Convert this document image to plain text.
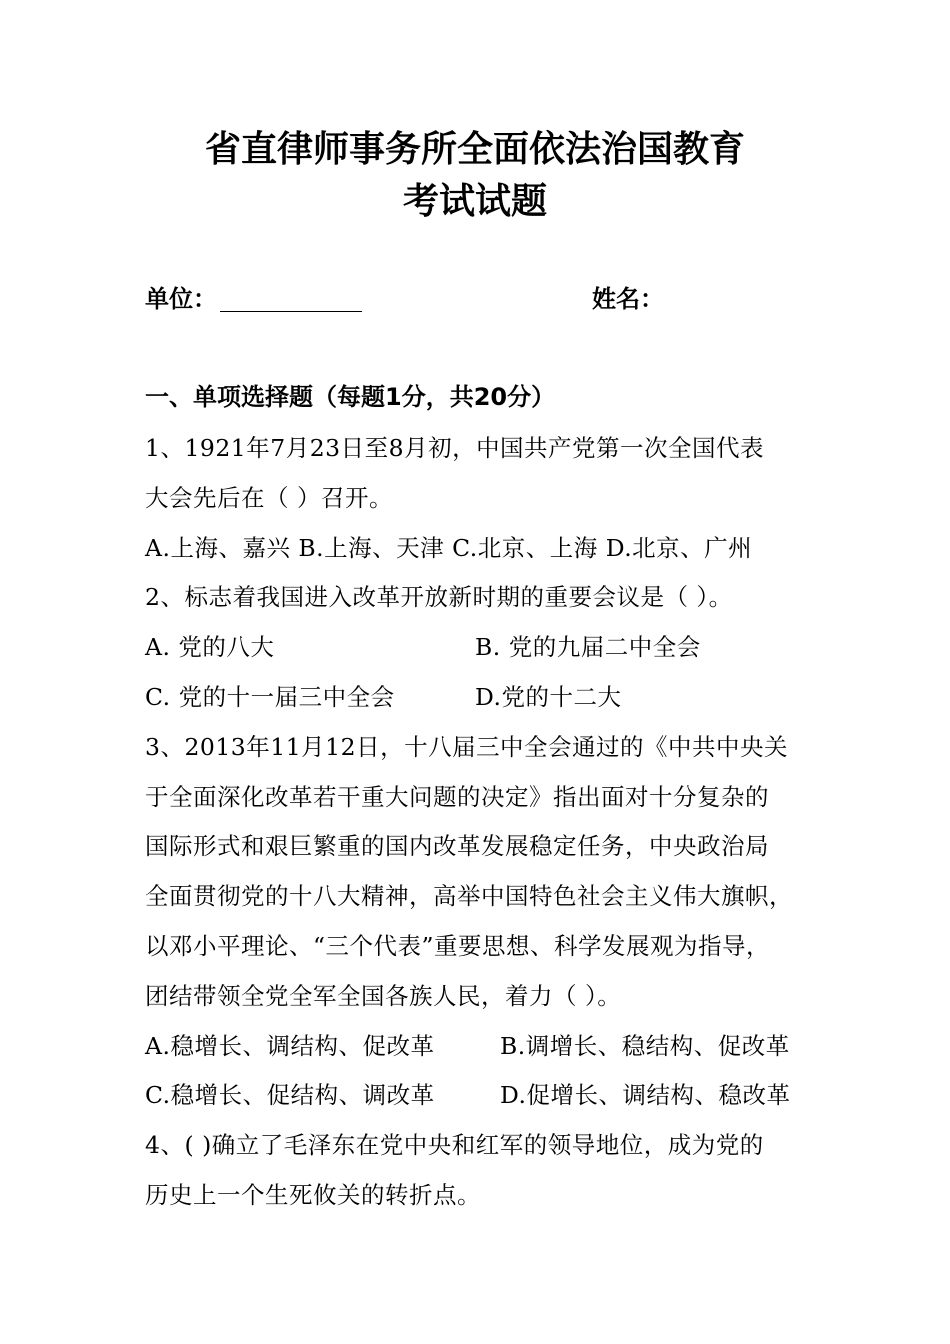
省直律师事务所全面依法治国教育
考试试题
单位：	姓名：
一、单项选择题（每题1分，共20分）
1、1921年7月23日至8月初，中国共产党第一次全国代表
大会先后在（ ）召开。
A.上海、嘉兴 B.上海、天津 C.北京、上海 D.北京、广州
2、标志着我国进入改革开放新时期的重要会议是（ ）。
A. 党的八大	B. 党的九届二中全会
C. 党的十一届三中全会	D.党的十二大
3、2013年11月12日，十八届三中全会通过的《中共中央关
于全面深化改革若干重大问题的决定》指出面对十分复杂的
国际形式和艰巨繁重的国内改革发展稳定任务，中央政治局
全面贯彻党的十八大精神，高举中国特色社会主义伟大旗帜，
以邓小平理论、“三个代表”重要思想、科学发展观为指导，
团结带领全党全军全国各族人民，着力（ ）。
A.稳增长、调结构、促改革	B.调增长、稳结构、促改革
C.稳增长、促结构、调改革	D.促增长、调结构、稳改革
4、( )确立了毛泽东在党中央和红军的领导地位，成为党的
历史上一个生死攸关的转折点。
